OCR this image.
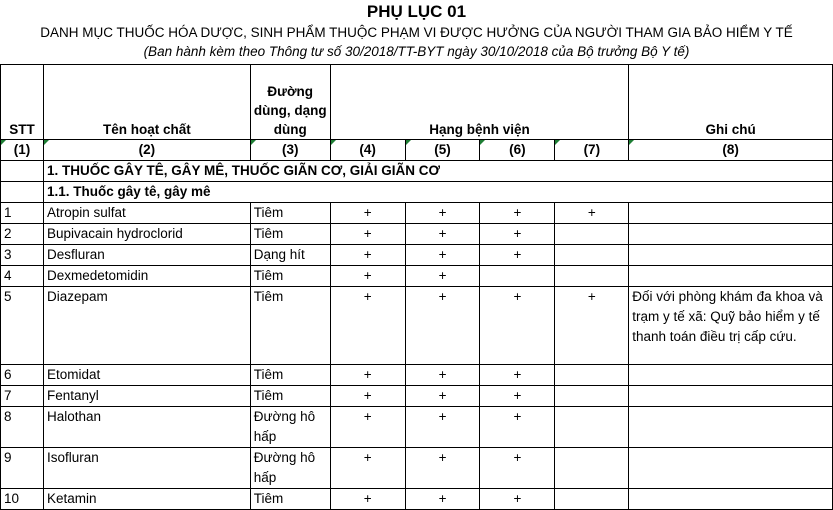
PHỤ LỤC 01
DANH MỤC THUỐC HÓA DƯỢC, SINH PHẨM THUỘC PHẠM VI ĐƯỢC HƯỞNG CỦA NGƯỜI THAM GIA BẢO HIỂM Y TẾ
(Ban hành kèm theo Thông tư số 30/2018/TT-BYT ngày 30/10/2018 của Bộ trưởng Bộ Y tế)
STT	Tên hoạt chất	Đường dùng, dạng dùng	Hạng bệnh viện				Ghi chú
(1)	(2)	(3)	(4)	(5)	(6)	(7)	(8)
	1. THUỐC GÂY TÊ, GÂY MÊ, THUỐC GIÃN CƠ, GIẢI GIÃN CƠ						
	1.1. Thuốc gây tê, gây mê						
1	Atropin sulfat	Tiêm	+	+	+	+	
2	Bupivacain hydroclorid	Tiêm	+	+	+		
3	Desfluran	Dạng hít	+	+	+		
4	Dexmedetomidin	Tiêm	+	+			
5	Diazepam	Tiêm	+	+	+	+	Đối với phòng khám đa khoa và trạm y tế xã: Quỹ bảo hiểm y tế thanh toán điều trị cấp cứu.
6	Etomidat	Tiêm	+	+	+		
7	Fentanyl	Tiêm	+	+	+		
8	Halothan	Đường hô hấp	+	+	+		
9	Isofluran	Đường hô hấp	+	+	+		
10	Ketamin	Tiêm	+	+	+		
